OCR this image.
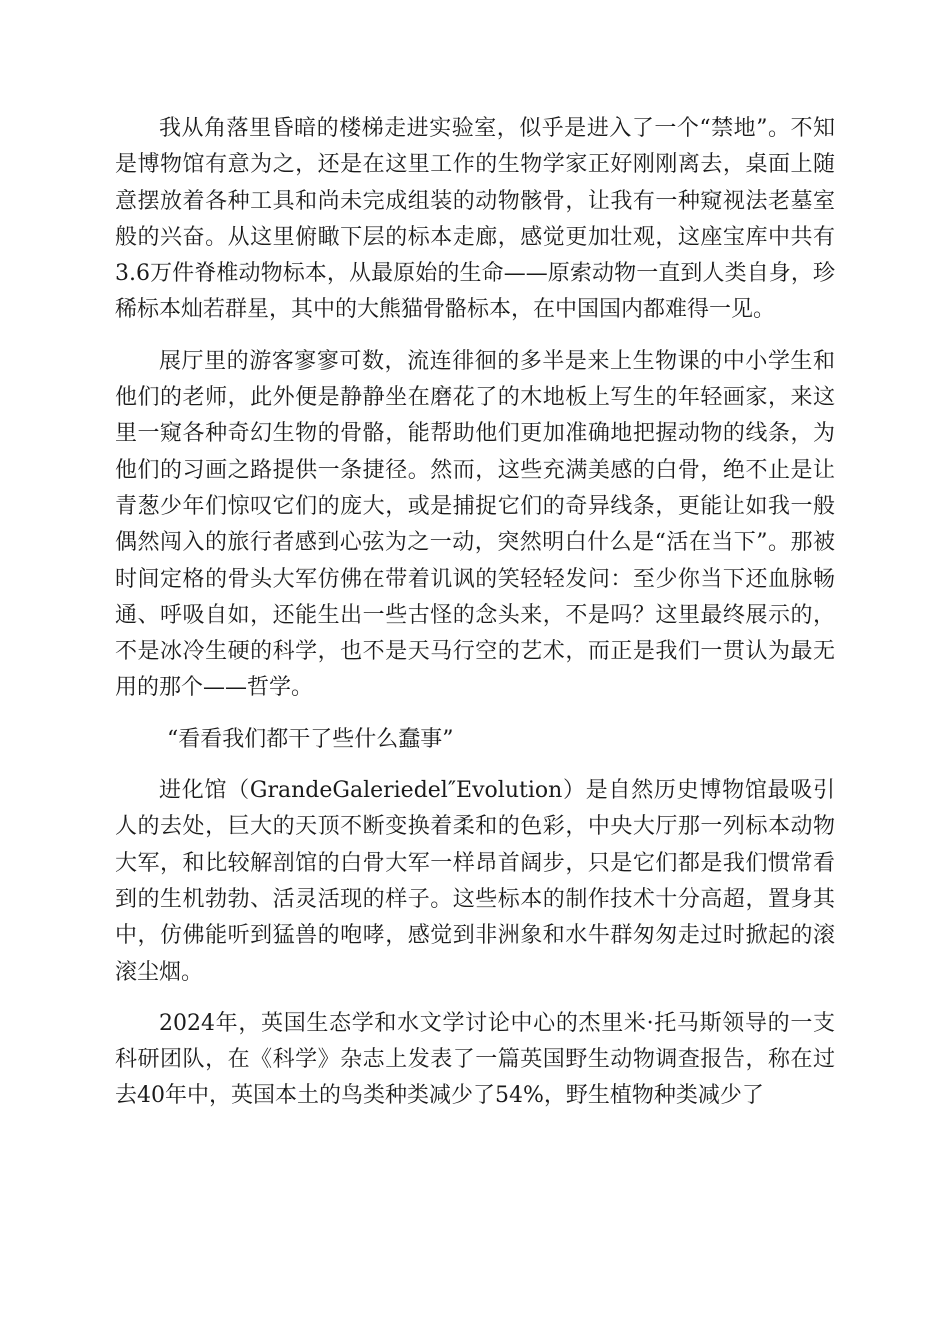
我从角落里昏暗的楼梯走进实验室，似乎是进入了一个“禁地”。不知是博物馆有意为之，还是在这里工作的生物学家正好刚刚离去，桌面上随意摆放着各种工具和尚未完成组装的动物骸骨，让我有一种窥视法老墓室般的兴奋。从这里俯瞰下层的标本走廊，感觉更加壮观，这座宝库中共有3.6万件脊椎动物标本，从最原始的生命——原索动物一直到人类自身，珍稀标本灿若群星，其中的大熊猫骨骼标本，在中国国内都难得一见。

展厅里的游客寥寥可数，流连徘徊的多半是来上生物课的中小学生和他们的老师，此外便是静静坐在磨花了的木地板上写生的年轻画家，来这里一窥各种奇幻生物的骨骼，能帮助他们更加准确地把握动物的线条，为他们的习画之路提供一条捷径。然而，这些充满美感的白骨，绝不止是让青葱少年们惊叹它们的庞大，或是捕捉它们的奇异线条，更能让如我一般偶然闯入的旅行者感到心弦为之一动，突然明白什么是“活在当下”。那被时间定格的骨头大军仿佛在带着讥讽的笑轻轻发问：至少你当下还血脉畅通、呼吸自如，还能生出一些古怪的念头来，不是吗？这里最终展示的，不是冰冷生硬的科学，也不是天马行空的艺术，而正是我们一贯认为最无用的那个——哲学。

“看看我们都干了些什么蠢事”

进化馆（GrandeGaleriedel″Evolution）是自然历史博物馆最吸引人的去处，巨大的天顶不断变换着柔和的色彩，中央大厅那一列标本动物大军，和比较解剖馆的白骨大军一样昂首阔步，只是它们都是我们惯常看到的生机勃勃、活灵活现的样子。这些标本的制作技术十分高超，置身其中，仿佛能听到猛兽的咆哮，感觉到非洲象和水牛群匆匆走过时掀起的滚滚尘烟。

2024年，英国生态学和水文学讨论中心的杰里米·托马斯领导的一支科研团队，在《科学》杂志上发表了一篇英国野生动物调查报告，称在过去40年中，英国本土的鸟类种类减少了54%，野生植物种类减少了
